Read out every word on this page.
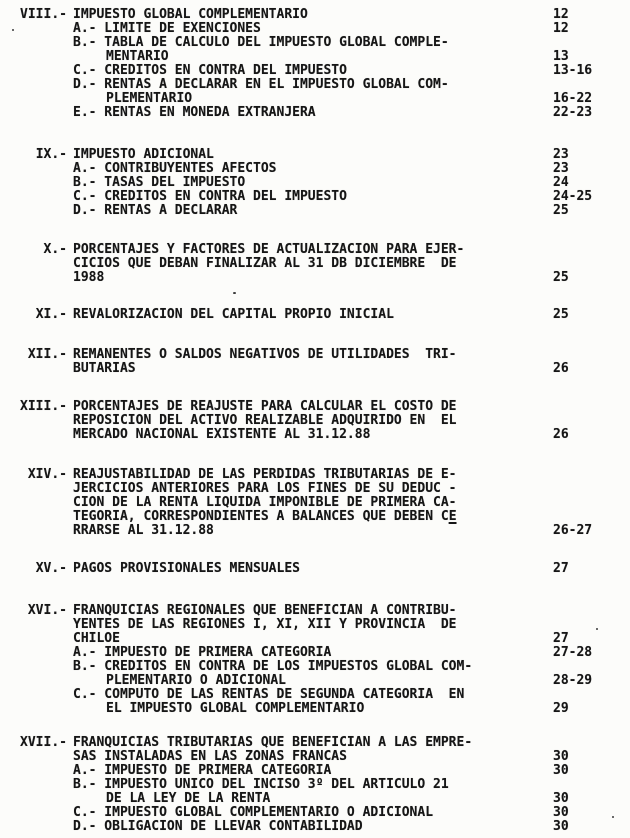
VIII.- IMPUESTO GLOBAL COMPLEMENTARIO	12
A.- LIMITE DE EXENCIONES	12
B.- TABLA DE CALCULO DEL IMPUESTO GLOBAL COMPLE-
MENTARIO	13
C.- CREDITOS EN CONTRA DEL IMPUESTO	13-16
D.- RENTAS A DECLARAR EN EL IMPUESTO GLOBAL COM-
PLEMENTARIO	16-22
E.- RENTAS EN MONEDA EXTRANJERA	22-23
IX.- IMPUESTO ADICIONAL	23
A.- CONTRIBUYENTES AFECTOS	23
B.- TASAS DEL IMPUESTO	24
C.- CREDITOS EN CONTRA DEL IMPUESTO	24-25
D.- RENTAS A DECLARAR	25
X.- PORCENTAJES Y FACTORES DE ACTUALIZACION PARA EJER-
CICIOS QUE DEBAN FINALIZAR AL 31 DB DICIEMBRE  DE
1988	25
XI.- REVALORIZACION DEL CAPITAL PROPIO INICIAL	25
XII.- REMANENTES O SALDOS NEGATIVOS DE UTILIDADES  TRI-
BUTARIAS	26
XIII.- PORCENTAJES DE REAJUSTE PARA CALCULAR EL COSTO DE
REPOSICION DEL ACTIVO REALIZABLE ADQUIRIDO EN  EL
MERCADO NACIONAL EXISTENTE AL 31.12.88	26
XIV.- REAJUSTABILIDAD DE LAS PERDIDAS TRIBUTARIAS DE E-
JERCICIOS ANTERIORES PARA LOS FINES DE SU DEDUC -
CION DE LA RENTA LIQUIDA IMPONIBLE DE PRIMERA CA-
TEGORIA, CORRESPONDIENTES A BALANCES QUE DEBEN CE
RRARSE AL 31.12.88	26-27
XV.- PAGOS PROVISIONALES MENSUALES	27
XVI.- FRANQUICIAS REGIONALES QUE BENEFICIAN A CONTRIBU-
YENTES DE LAS REGIONES I, XI, XII Y PROVINCIA  DE
CHILOE	27
A.- IMPUESTO DE PRIMERA CATEGORIA	27-28
B.- CREDITOS EN CONTRA DE LOS IMPUESTOS GLOBAL COM-
PLEMENTARIO O ADICIONAL	28-29
C.- COMPUTO DE LAS RENTAS DE SEGUNDA CATEGORIA  EN
EL IMPUESTO GLOBAL COMPLEMENTARIO	29
XVII.- FRANQUICIAS TRIBUTARIAS QUE BENEFICIAN A LAS EMPRE-
SAS INSTALADAS EN LAS ZONAS FRANCAS	30
A.- IMPUESTO DE PRIMERA CATEGORIA	30
B.- IMPUESTO UNICO DEL INCISO 3º DEL ARTICULO 21
DE LA LEY DE LA RENTA	30
C.- IMPUESTO GLOBAL COMPLEMENTARIO O ADICIONAL	30
D.- OBLIGACION DE LLEVAR CONTABILIDAD	30
